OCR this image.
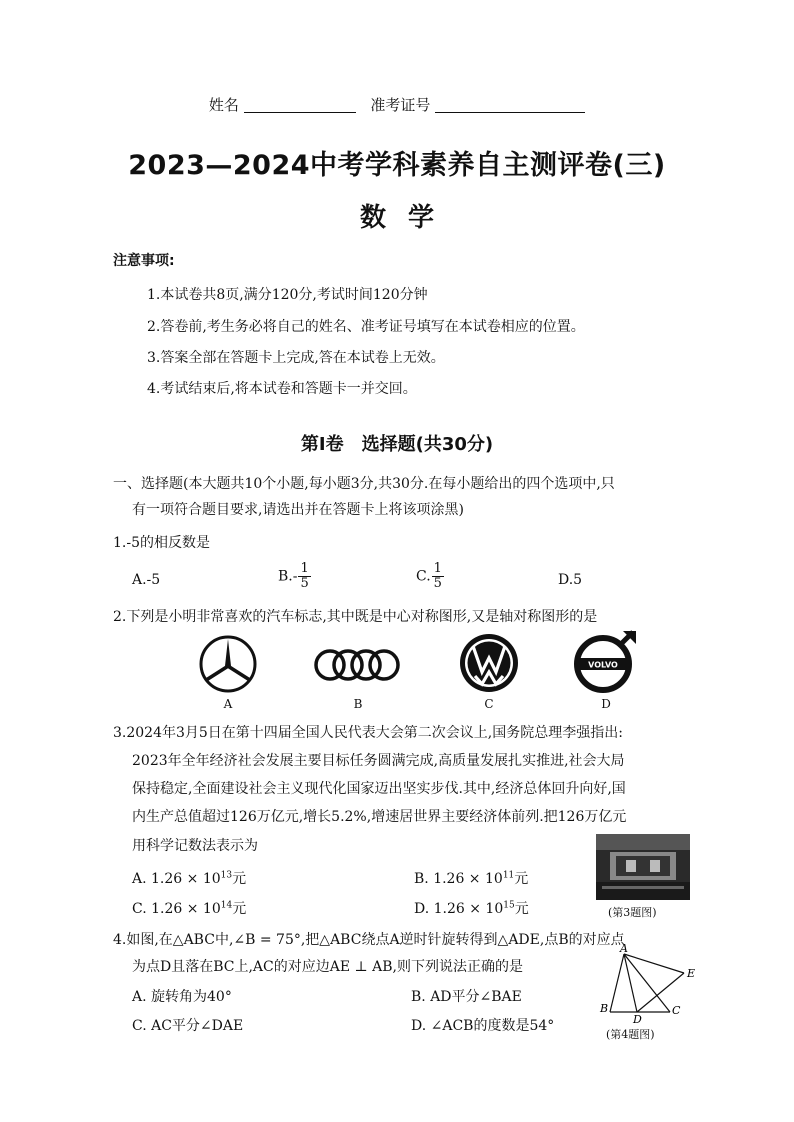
姓名	准考证号
2023—2024中考学科素养自主测评卷(三)
数学
注意事项:
1.本试卷共8页,满分120分,考试时间120分钟
2.答卷前,考生务必将自己的姓名、准考证号填写在本试卷相应的位置。
3.答案全部在答题卡上完成,答在本试卷上无效。
4.考试结束后,将本试卷和答题卡一并交回。
第Ⅰ卷　选择题(共30分)
一、选择题(本大题共10个小题,每小题3分,共30分.在每小题给出的四个选项中,只
有一项符合题目要求,请选出并在答题卡上将该项涂黑)
1.-5的相反数是
A.-5	$B.- \frac{1}{5}$	C. $\frac{1}{5}$	D.5
2.下列是小明非常喜欢的汽车标志,其中既是中心对称图形,又是轴对称图形的是
VOLVO
A	B	C	D
3.2024年3月5日在第十四届全国人民代表大会第二次会议上,国务院总理李强指出:
2023年全年经济社会发展主要目标任务圆满完成,高质量发展扎实推进,社会大局
保持稳定,全面建设社会主义现代化国家迈出坚实步伐.其中,经济总体回升向好,国
内生产总值超过126万亿元,增长5.2%,增速居世界主要经济体前列.把126万亿元
用科学记数法表示为
A. $1.26 \times 10^{13}$元	B. $1.26 \times 10^{11}$元
C. $1.26 \times 10^{14}$元	D. $1.26 \times 10^{15}$元	(第3题图)
4.如图,在△ABC中,∠B = 75°,把△ABC绕点A逆时针旋转得到△ADE,点B的对应点
为点D且落在BC上,AC的对应边AE ⊥ AB,则下列说法正确的是
A. 旋转角为40°	B. AD平分∠BAE
C. AC平分∠DAE	D. ∠ACB的度数是54°
A
B
D
C
E
(第4题图)
